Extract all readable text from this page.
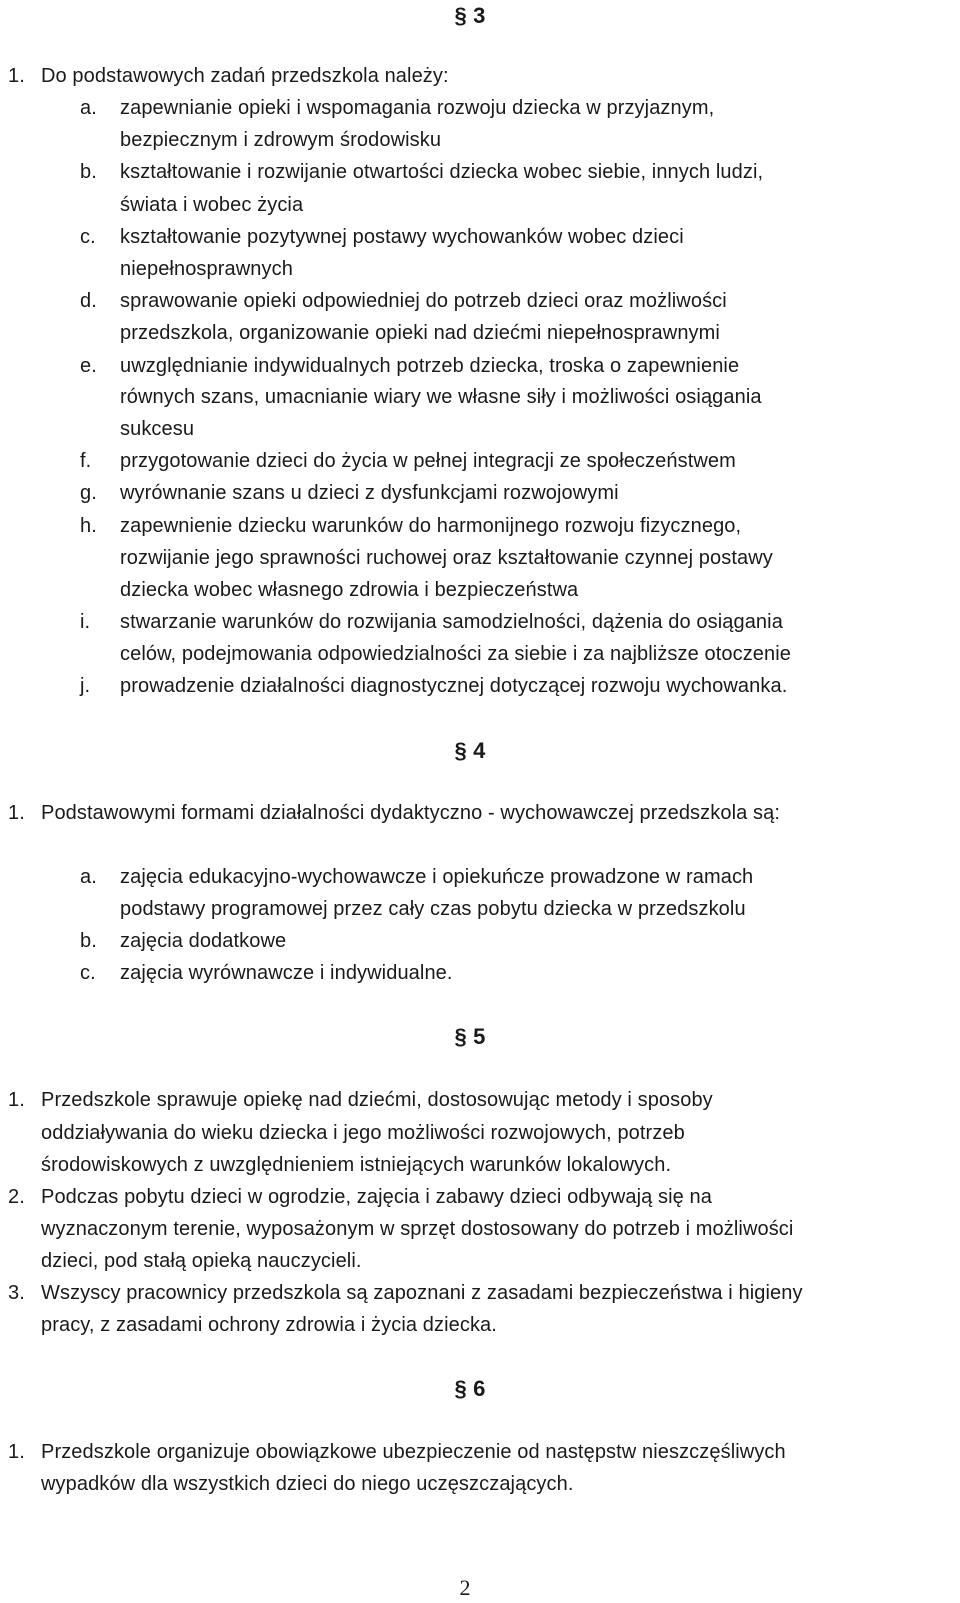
§ 3
1. Do podstawowych zadań przedszkola należy:
a. zapewnianie opieki i wspomagania rozwoju dziecka w przyjaznym,
bezpiecznym i zdrowym środowisku
b. kształtowanie i rozwijanie otwartości dziecka wobec siebie, innych ludzi,
świata i wobec życia
c. kształtowanie pozytywnej postawy wychowanków wobec dzieci
niepełnosprawnych
d. sprawowanie opieki odpowiedniej do potrzeb dzieci oraz możliwości
przedszkola, organizowanie opieki nad dziećmi niepełnosprawnymi
e. uwzględnianie indywidualnych potrzeb dziecka, troska o zapewnienie
równych szans, umacnianie wiary we własne siły i możliwości osiągania
sukcesu
f. przygotowanie dzieci do życia w pełnej integracji ze społeczeństwem
g. wyrównanie szans u dzieci z dysfunkcjami rozwojowymi
h. zapewnienie dziecku warunków do harmonijnego rozwoju fizycznego,
rozwijanie jego sprawności ruchowej oraz kształtowanie czynnej postawy
dziecka wobec własnego zdrowia i bezpieczeństwa
i. stwarzanie warunków do rozwijania samodzielności, dążenia do osiągania
celów, podejmowania odpowiedzialności za siebie i za najbliższe otoczenie
j. prowadzenie działalności diagnostycznej dotyczącej rozwoju wychowanka.
§ 4
1. Podstawowymi formami działalności dydaktyczno - wychowawczej przedszkola są:
a. zajęcia edukacyjno-wychowawcze i opiekuńcze prowadzone w ramach
podstawy programowej przez cały czas pobytu dziecka w przedszkolu
b. zajęcia dodatkowe
c. zajęcia wyrównawcze i indywidualne.
§ 5
1. Przedszkole sprawuje opiekę nad dziećmi, dostosowując metody i sposoby
oddziaływania do wieku dziecka i jego możliwości rozwojowych, potrzeb
środowiskowych z uwzględnieniem istniejących warunków lokalowych.
2. Podczas pobytu dzieci w ogrodzie, zajęcia i zabawy dzieci odbywają się na
wyznaczonym terenie, wyposażonym w sprzęt dostosowany do potrzeb i możliwości
dzieci, pod stałą opieką nauczycieli.
3. Wszyscy pracownicy przedszkola są zapoznani z zasadami bezpieczeństwa i higieny
pracy, z zasadami ochrony zdrowia i życia dziecka.
§ 6
1. Przedszkole organizuje obowiązkowe ubezpieczenie od następstw nieszczęśliwych
wypadków dla wszystkich dzieci do niego uczęszczających.
2
